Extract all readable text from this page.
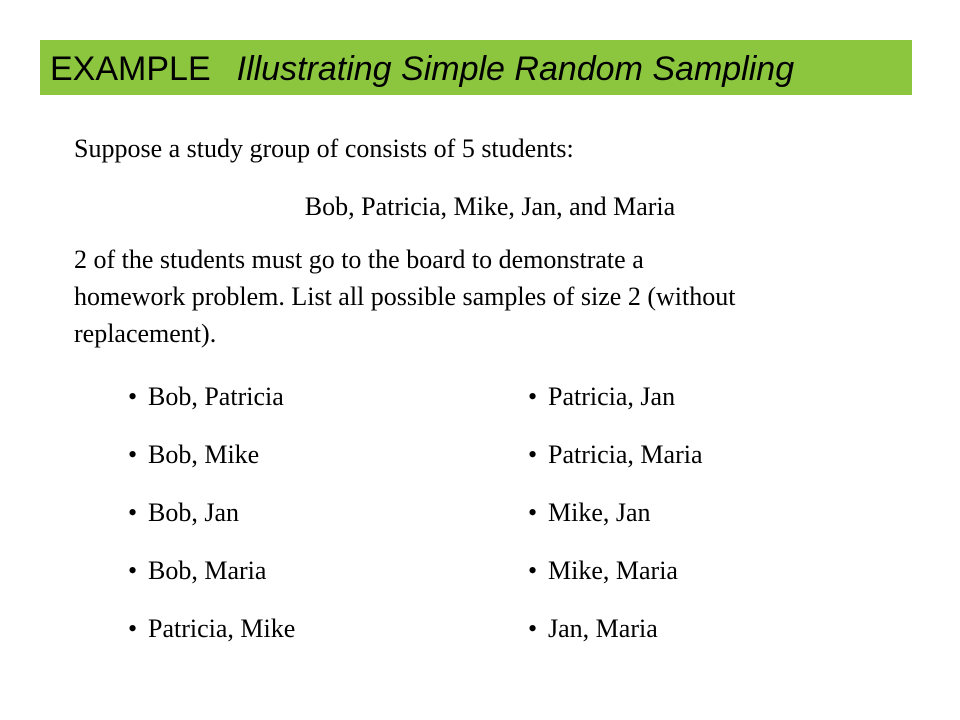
EXAMPLE Illustrating Simple Random Sampling
Suppose a study group of consists of 5 students:
Bob, Patricia, Mike, Jan, and Maria
2 of the students must go to the board to demonstrate a
homework problem. List all possible samples of size 2 (without
replacement).
• Bob, Patricia
• Bob, Mike
• Bob, Jan
• Bob, Maria
• Patricia, Mike
• Patricia, Jan
• Patricia, Maria
• Mike, Jan
• Mike, Maria
• Jan, Maria
